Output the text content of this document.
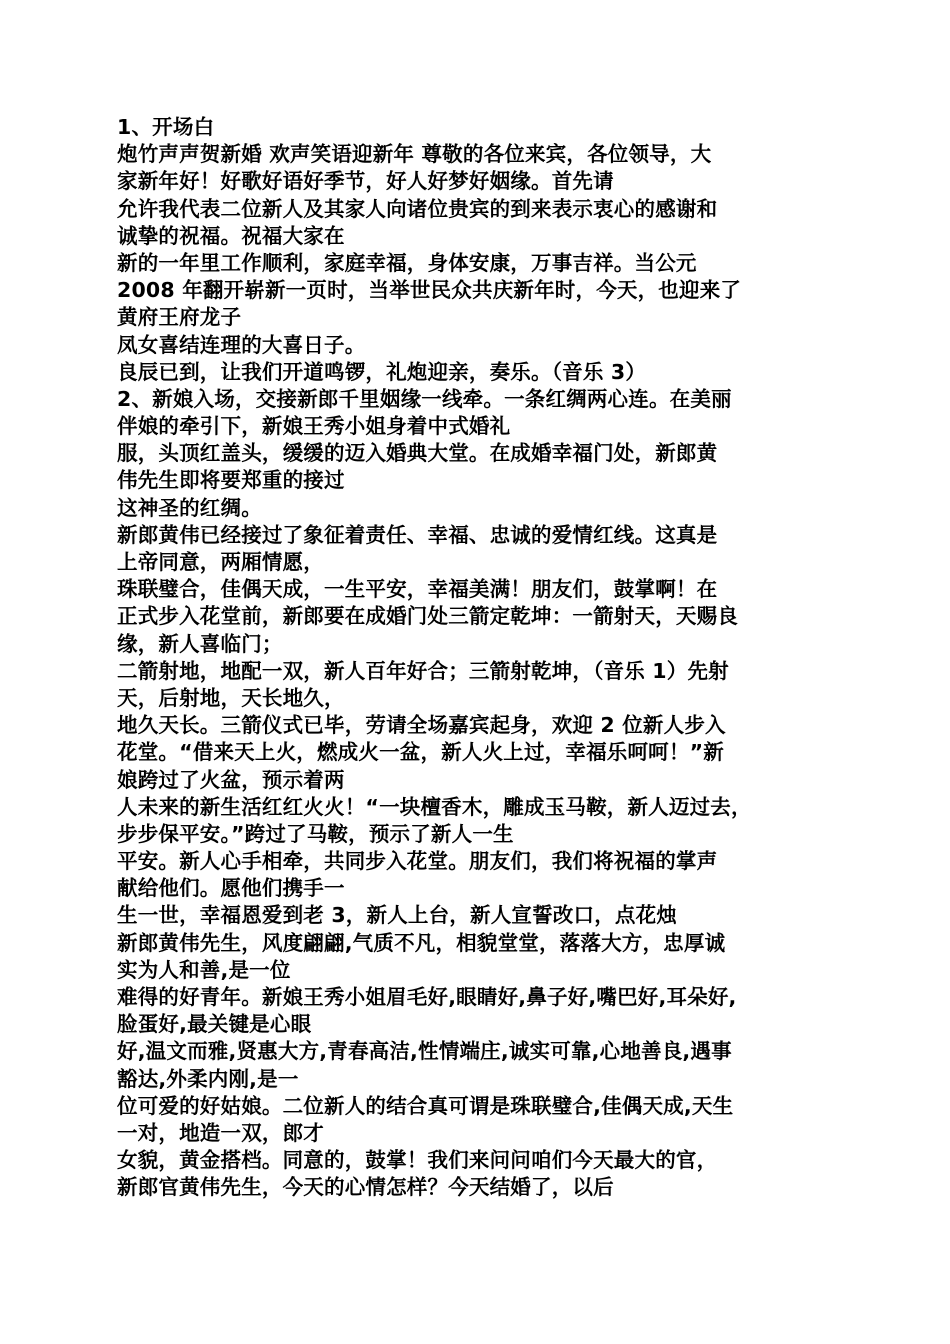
1、开场白
炮竹声声贺新婚 欢声笑语迎新年 尊敬的各位来宾，各位领导，大
家新年好！好歌好语好季节，好人好梦好姻缘。首先请
允许我代表二位新人及其家人向诸位贵宾的到来表示衷心的感谢和
诚挚的祝福。祝福大家在
新的一年里工作顺利，家庭幸福，身体安康，万事吉祥。当公元
2008 年翻开崭新一页时，当举世民众共庆新年时，今天，也迎来了
黄府王府龙子
凤女喜结连理的大喜日子。
良辰已到，让我们开道鸣锣，礼炮迎亲，奏乐。（音乐 3）
2、新娘入场，交接新郎千里姻缘一线牵。一条红绸两心连。在美丽
伴娘的牵引下，新娘王秀小姐身着中式婚礼
服，头顶红盖头，缓缓的迈入婚典大堂。在成婚幸福门处，新郎黄
伟先生即将要郑重的接过
这神圣的红绸。
新郎黄伟已经接过了象征着责任、幸福、忠诚的爱情红线。这真是
上帝同意，两厢情愿，
珠联璧合，佳偶天成，一生平安，幸福美满！朋友们，鼓掌啊！在
正式步入花堂前，新郎要在成婚门处三箭定乾坤：一箭射天，天赐良
缘，新人喜临门；
二箭射地，地配一双，新人百年好合；三箭射乾坤，（音乐 1）先射
天，后射地，天长地久，
地久天长。三箭仪式已毕，劳请全场嘉宾起身，欢迎 2 位新人步入
花堂。“借来天上火，燃成火一盆，新人火上过，幸福乐呵呵！”新
娘跨过了火盆，预示着两
人未来的新生活红红火火！“一块檀香木，雕成玉马鞍，新人迈过去，
步步保平安。”跨过了马鞍，预示了新人一生
平安。新人心手相牵，共同步入花堂。朋友们，我们将祝福的掌声
献给他们。愿他们携手一
生一世，幸福恩爱到老 3，新人上台，新人宣誓改口，点花烛
新郎黄伟先生，风度翩翩,气质不凡，相貌堂堂，落落大方，忠厚诚
实为人和善,是一位
难得的好青年。新娘王秀小姐眉毛好,眼睛好,鼻子好,嘴巴好,耳朵好,
脸蛋好,最关键是心眼
好,温文而雅,贤惠大方,青春高洁,性情端庄,诚实可靠,心地善良,遇事
豁达,外柔内刚,是一
位可爱的好姑娘。二位新人的结合真可谓是珠联璧合,佳偶天成,天生
一对，地造一双，郎才
女貌，黄金搭档。同意的，鼓掌！我们来问问咱们今天最大的官，
新郎官黄伟先生，今天的心情怎样？今天结婚了，以后
